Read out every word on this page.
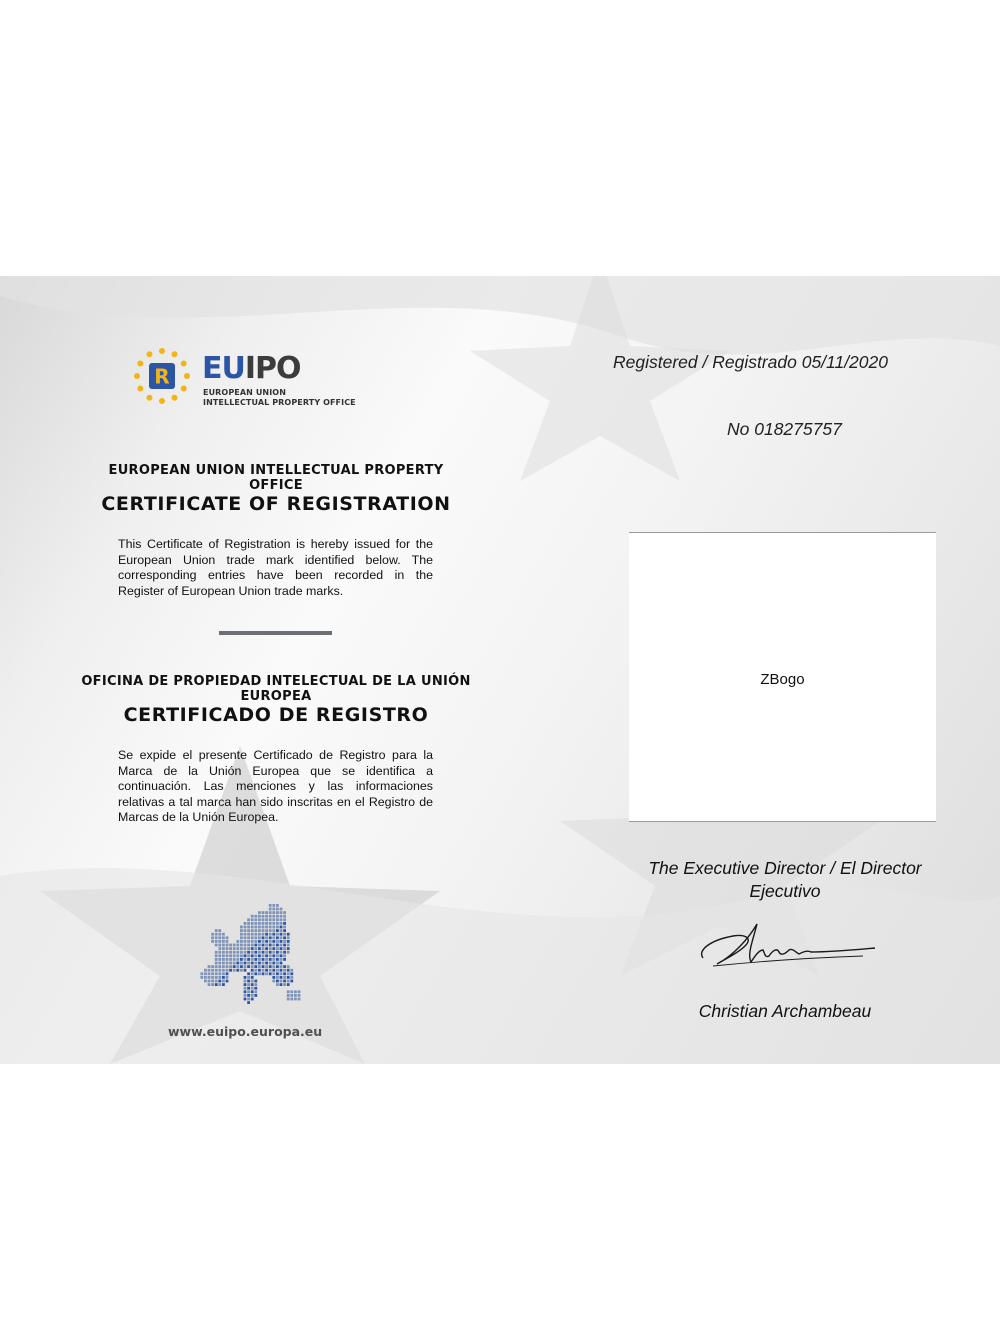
R EUIPO
EUROPEAN UNION
INTELLECTUAL PROPERTY OFFICE
EUROPEAN UNION INTELLECTUAL PROPERTY OFFICE
CERTIFICATE OF REGISTRATION

This Certificate of Registration is hereby issued for the European Union trade mark identified below. The corresponding entries have been recorded in the Register of European Union trade marks.

OFICINA DE PROPIEDAD INTELECTUAL DE LA UNIÓN EUROPEA
CERTIFICADO DE REGISTRO

Se expide el presente Certificado de Registro para la Marca de la Unión Europea que se identifica a continuación. Las menciones y las informaciones relativas a tal marca han sido inscritas en el Registro de Marcas de la Unión Europea.

www.euipo.europa.eu
Registered / Registrado 05/11/2020
No 018275757
ZBogo
The Executive Director / El Director Ejecutivo
Christian Archambeau
